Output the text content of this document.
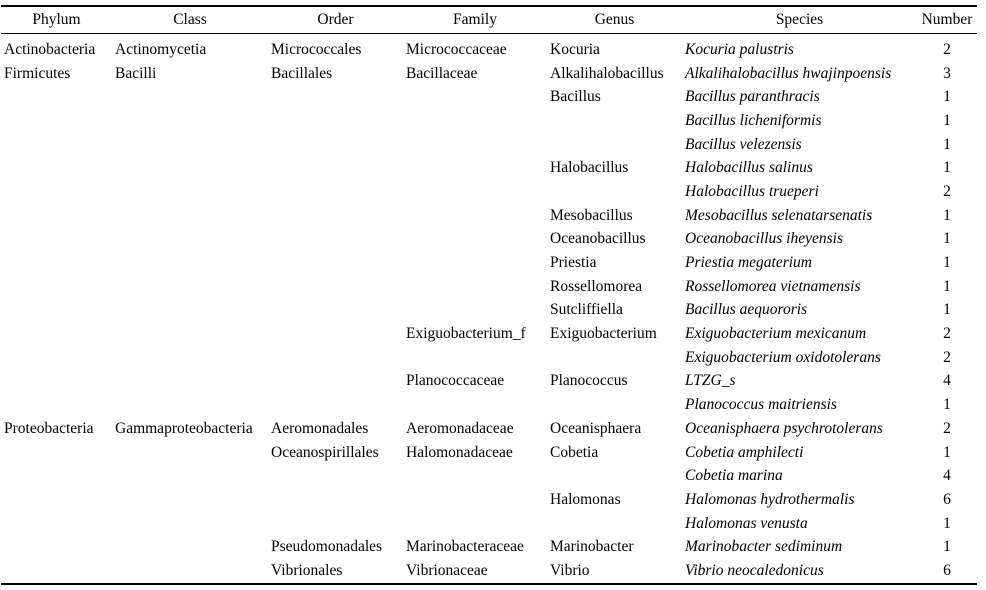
Phylum	Class	Order	Family	Genus	Species	Number
Actinobacteria	Actinomycetia	Micrococcales	Micrococcaceae	Kocuria	Kocuria palustris	2
Firmicutes	Bacilli	Bacillales	Bacillaceae	Alkalihalobacillus	Alkalihalobacillus hwajinpoensis	3
				Bacillus	Bacillus paranthracis	1
					Bacillus licheniformis	1
					Bacillus velezensis	1
				Halobacillus	Halobacillus salinus	1
					Halobacillus trueperi	2
				Mesobacillus	Mesobacillus selenatarsenatis	1
				Oceanobacillus	Oceanobacillus iheyensis	1
				Priestia	Priestia megaterium	1
				Rossellomorea	Rossellomorea vietnamensis	1
				Sutcliffiella	Bacillus aequororis	1
			Exiguobacterium_f	Exiguobacterium	Exiguobacterium mexicanum	2
					Exiguobacterium oxidotolerans	2
			Planococcaceae	Planococcus	LTZG_s	4
					Planococcus maitriensis	1
Proteobacteria	Gammaproteobacteria	Aeromonadales	Aeromonadaceae	Oceanisphaera	Oceanisphaera psychrotolerans	2
		Oceanospirillales	Halomonadaceae	Cobetia	Cobetia amphilecti	1
					Cobetia marina	4
				Halomonas	Halomonas hydrothermalis	6
					Halomonas venusta	1
		Pseudomonadales	Marinobacteraceae	Marinobacter	Marinobacter sediminum	1
		Vibrionales	Vibrionaceae	Vibrio	Vibrio neocaledonicus	6
